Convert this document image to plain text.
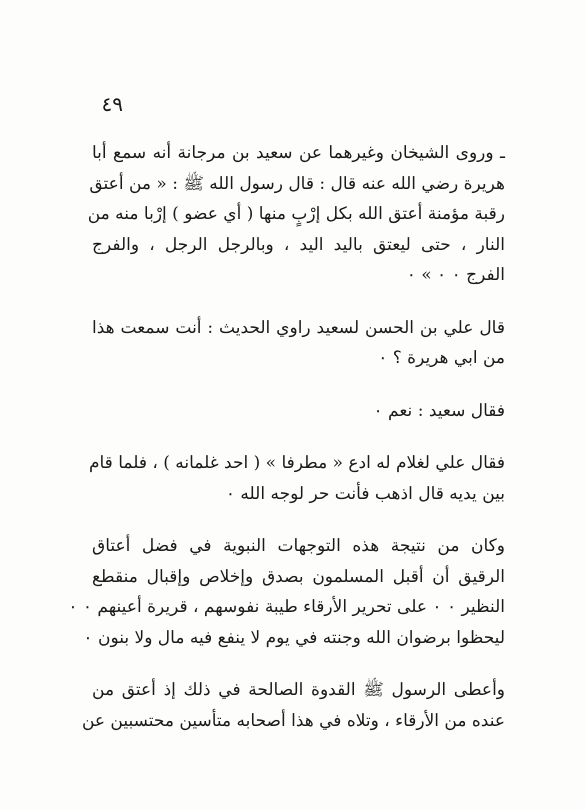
٤٩
ـ وروى الشيخان وغيرهما عن سعيد بن مرجانة أنه سمع أبا
هريرة رضي الله عنه قال : قال رسول الله ﷺ : « من أعتق
رقبة مؤمنة أعتق الله بكل إرْبٍ منها ( أي عضو ) إرْبا منه من
النار ، حتى ليعتق باليد اليد ، وبالرجل الرجل ، والفرج
الفرج ٠ ٠ » ٠
قال علي بن الحسن لسعيد راوي الحديث : أنت سمعت هذا
من ابي هريرة ؟ ٠
فقال سعيد : نعم ٠
فقال علي لغلام له ادع « مطرفا » ( احد غلمانه ) ، فلما قام
بين يديه قال اذهب فأنت حر لوجه الله ٠
وكان من نتيجة هذه التوجهات النبوية في فضل أعتاق
الرقيق أن أقبل المسلمون بصدق وإخلاص وإقبال منقطع
النظير ٠ ٠ على تحرير الأرقاء طيبة نفوسهم ، قريرة أعينهم ٠ ٠
ليحظوا برضوان الله وجنته في يوم لا ينفع فيه مال ولا بنون ٠
وأعطى الرسول ﷺ القدوة الصالحة في ذلك إذ أعتق من
عنده من الأرقاء ، وتلاه في هذا أصحابه متأسين محتسبين عن
